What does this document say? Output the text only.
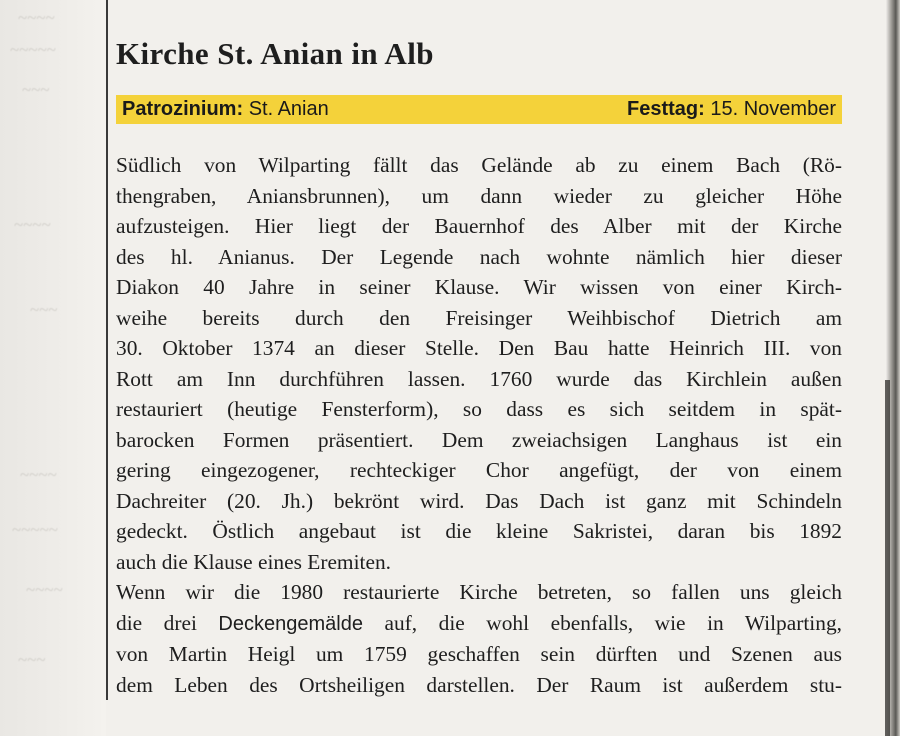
~~~~
~~~~~
~~~
~~~~
~~~
~~~~
~~~~~
~~~~
~~~
Kirche St. Anian in Alb
Patrozinium: St. Anian	Festtag: 15. November
Südlich von Wilparting fällt das Gelände ab zu einem Bach (Rö-
thengraben, Aniansbrunnen), um dann wieder zu gleicher Höhe
aufzusteigen. Hier liegt der Bauernhof des Alber mit der Kirche
des hl. Anianus. Der Legende nach wohnte nämlich hier dieser
Diakon 40 Jahre in seiner Klause. Wir wissen von einer Kirch-
weihe bereits durch den Freisinger Weihbischof Dietrich am
30. Oktober 1374 an dieser Stelle. Den Bau hatte Heinrich III. von
Rott am Inn durchführen lassen. 1760 wurde das Kirchlein außen
restauriert (heutige Fensterform), so dass es sich seitdem in spät-
barocken Formen präsentiert. Dem zweiachsigen Langhaus ist ein
gering eingezogener, rechteckiger Chor angefügt, der von einem
Dachreiter (20. Jh.) bekrönt wird. Das Dach ist ganz mit Schindeln
gedeckt. Östlich angebaut ist die kleine Sakristei, daran bis 1892
auch die Klause eines Eremiten.
Wenn wir die 1980 restaurierte Kirche betreten, so fallen uns gleich
die drei Deckengemälde auf, die wohl ebenfalls, wie in Wilparting,
von Martin Heigl um 1759 geschaffen sein dürften und Szenen aus
dem Leben des Ortsheiligen darstellen. Der Raum ist außerdem stu-
